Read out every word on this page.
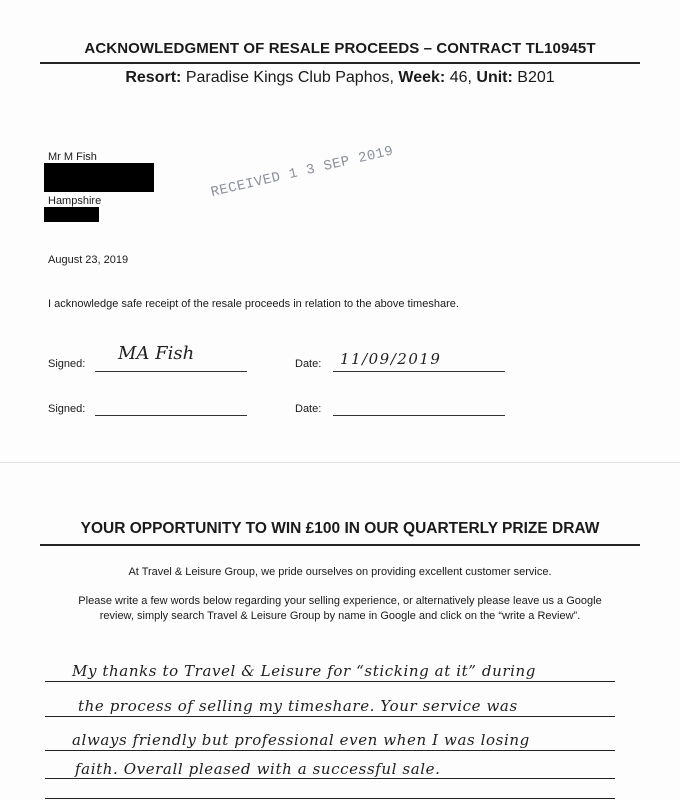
ACKNOWLEDGMENT OF RESALE PROCEEDS – CONTRACT TL10945T
Resort: Paradise Kings Club Paphos, Week: 46, Unit: B201
Mr M Fish
Hampshire	RECEIVED 1 3 SEP 2019
August 23, 2019
I acknowledge safe receipt of the resale proceeds in relation to the above timeshare.
Signed: MA Fish	Date: 11/09/2019
Signed:	Date:
YOUR OPPORTUNITY TO WIN £100 IN OUR QUARTERLY PRIZE DRAW
At Travel & Leisure Group, we pride ourselves on providing excellent customer service.
Please write a few words below regarding your selling experience, or alternatively please leave us a Google
review, simply search Travel & Leisure Group by name in Google and click on the “write a Review”.
My thanks to Travel & Leisure for “sticking at it” during
the process of selling my timeshare. Your service was
always friendly but professional even when I was losing
faith. Overall pleased with a successful sale.
